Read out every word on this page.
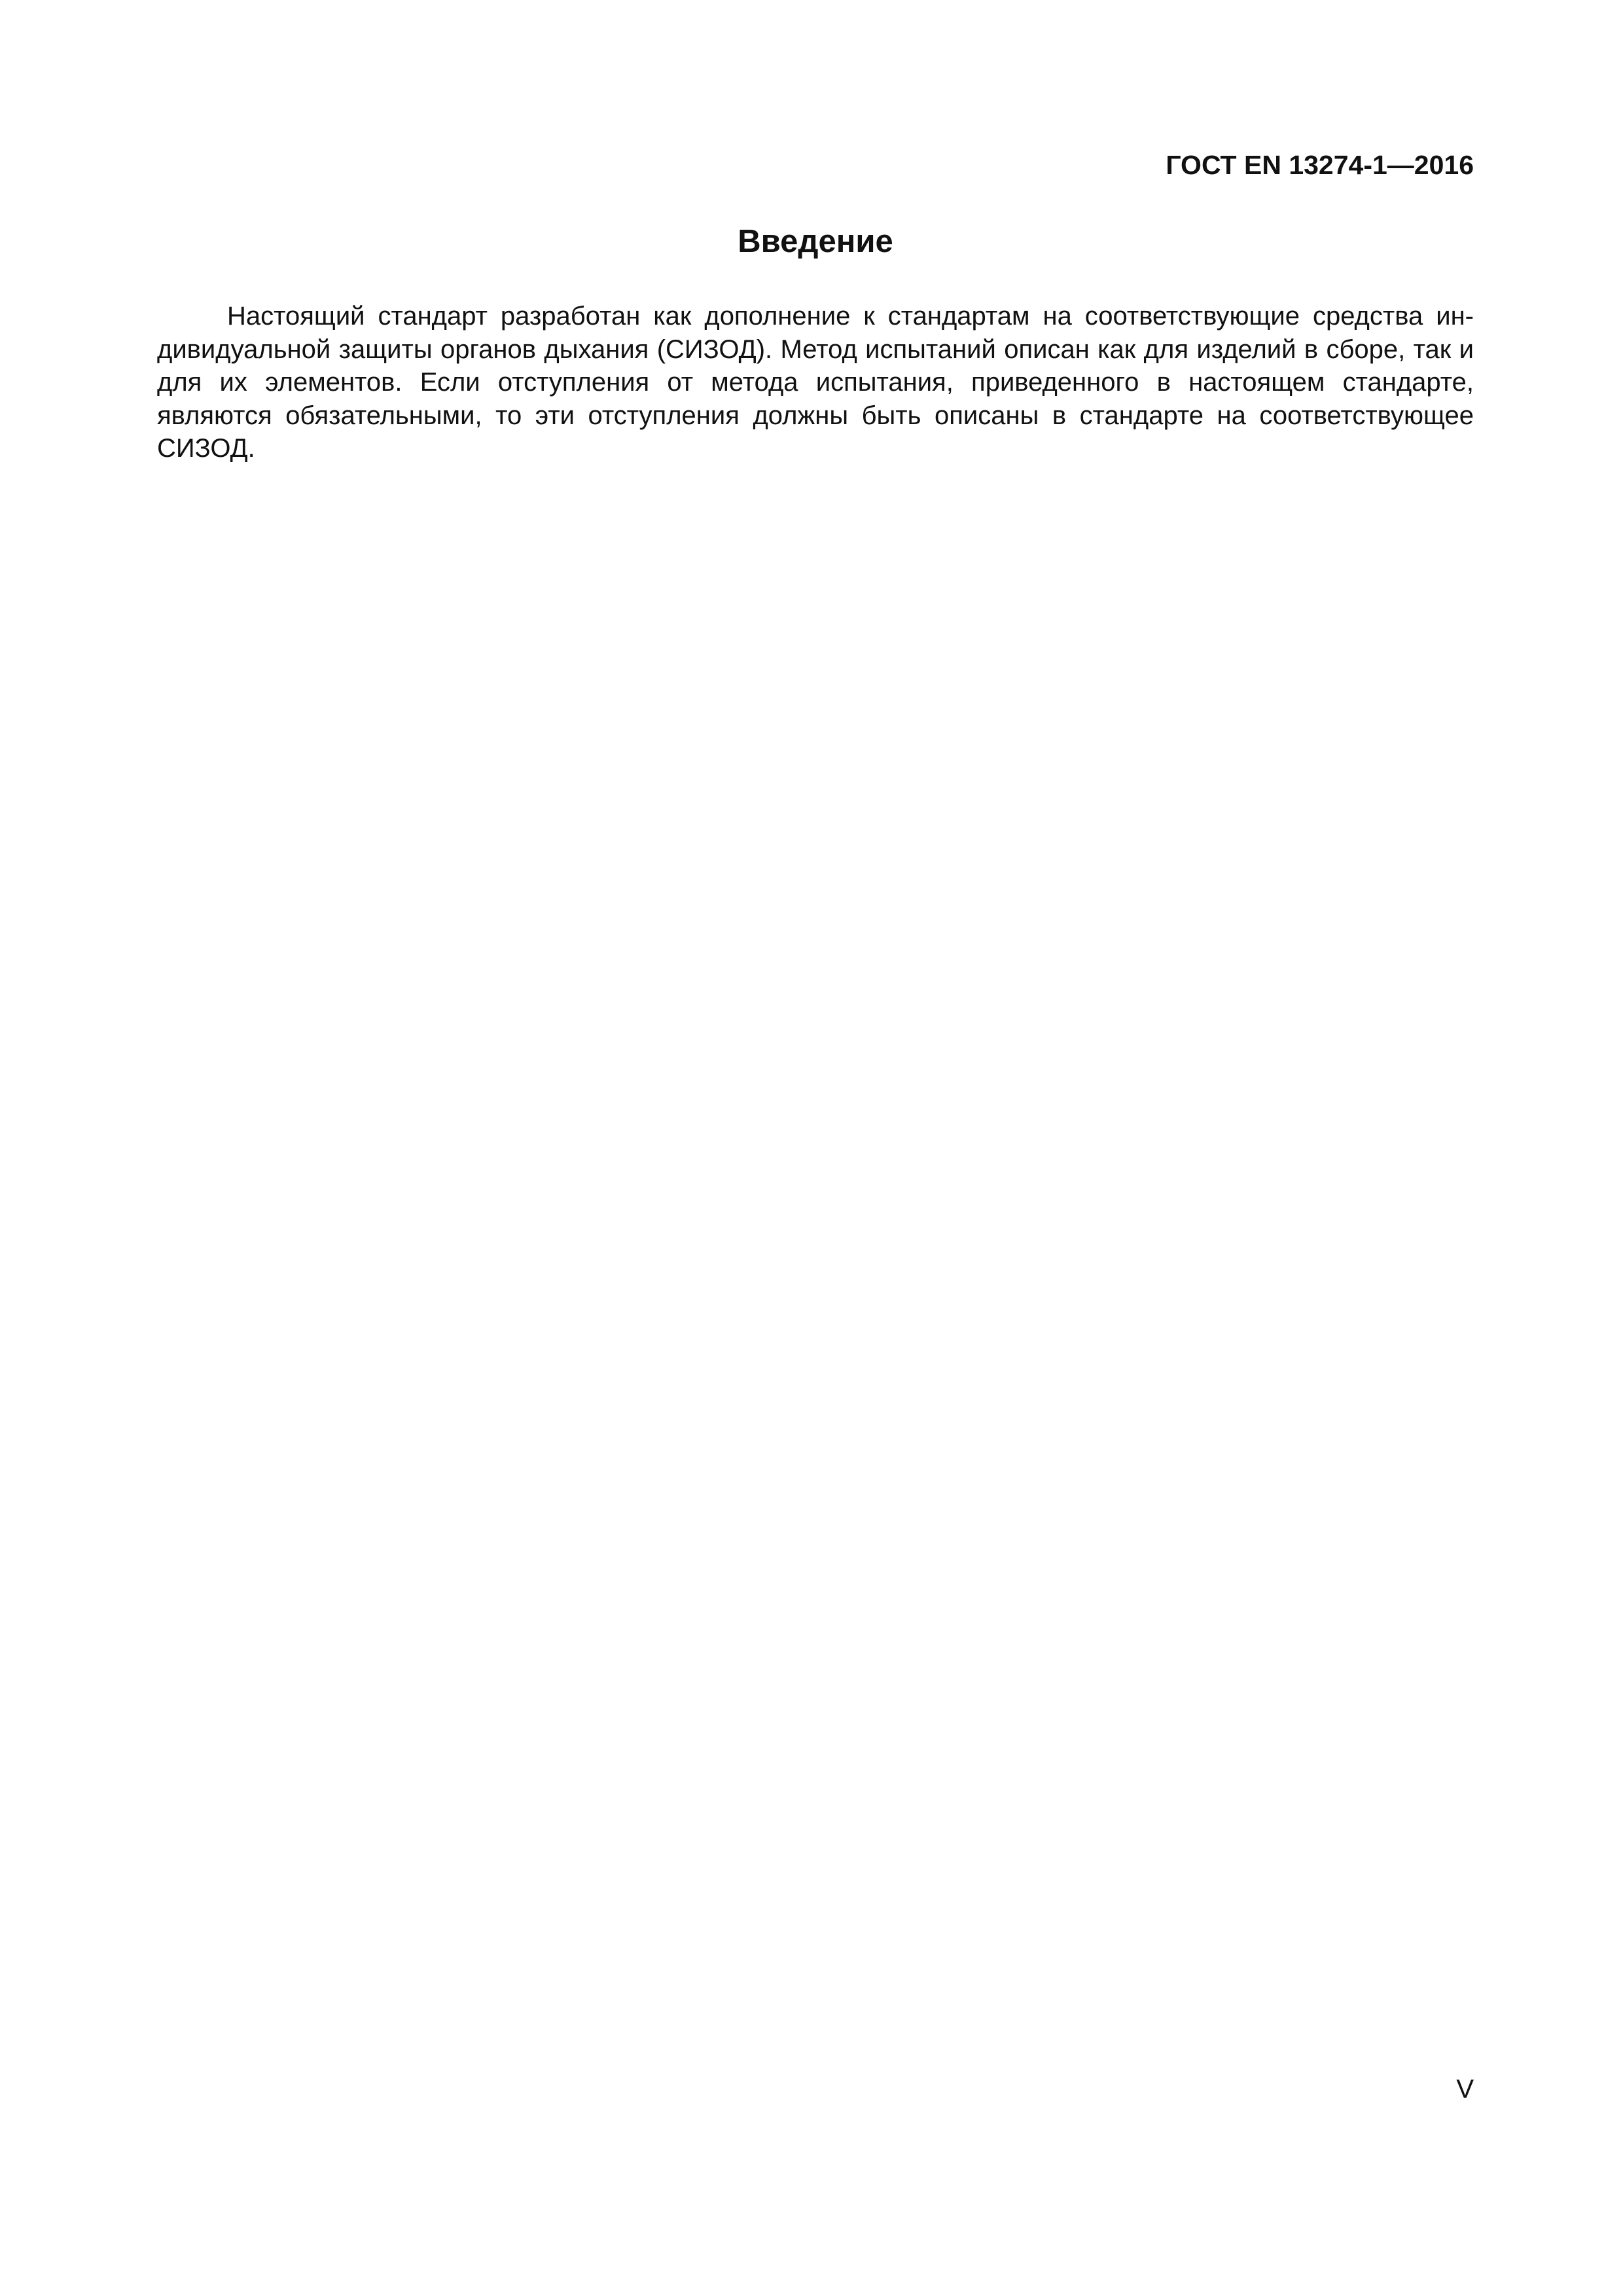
ГОСТ EN 13274-1—2016
Введение

Настоящий стандарт разработан как дополнение к стандартам на соответствующие средства индивидуальной защиты органов дыхания (СИЗОД). Метод испытаний описан как для изделий в сборе, так и для их элементов. Если отступления от метода испытания, приведенного в настоящем стандарте, являются обязательными, то эти отступления должны быть описаны в стандарте на соответствующее СИЗОД.

V
